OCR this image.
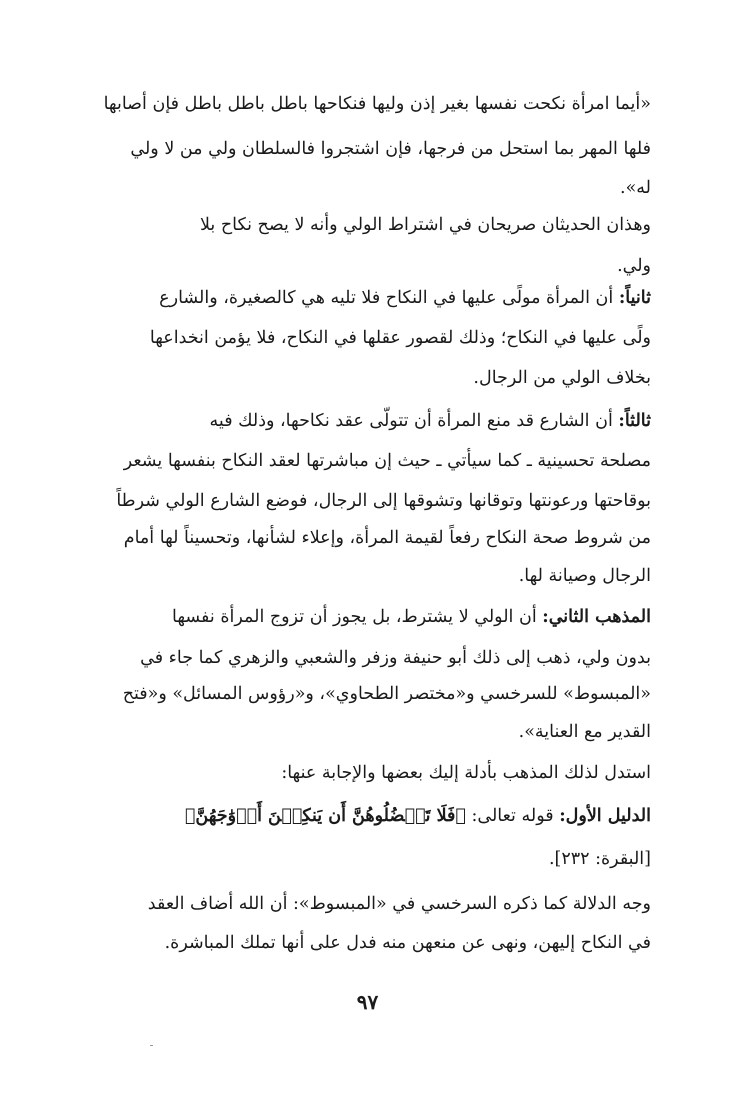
«أيما امرأة نكحت نفسها بغير إذن وليها فنكاحها باطل باطل باطل فإن أصابها
فلها المهر بما استحل من فرجها، فإن اشتجروا فالسلطان ولي من لا ولي
له».
وهذان الحديثان صريحان في اشتراط الولي وأنه لا يصح نكاح بلا
ولي.
ثانياً: أن المرأة مولًى عليها في النكاح فلا تليه هي كالصغيرة، والشارع
ولًى عليها في النكاح؛ وذلك لقصور عقلها في النكاح، فلا يؤمن انخداعها
بخلاف الولي من الرجال.
ثالثاً: أن الشارع قد منع المرأة أن تتولّى عقد نكاحها، وذلك فيه
مصلحة تحسينية ـ كما سيأتي ـ حيث إن مباشرتها لعقد النكاح بنفسها يشعر
بوقاحتها ورعونتها وتوقانها وتشوقها إلى الرجال، فوضع الشارع الولي شرطاً
من شروط صحة النكاح رفعاً لقيمة المرأة، وإعلاء لشأنها، وتحسيناً لها أمام
الرجال وصيانة لها.
المذهب الثاني: أن الولي لا يشترط، بل يجوز أن تزوج المرأة نفسها
بدون ولي، ذهب إلى ذلك أبو حنيفة وزفر والشعبي والزهري كما جاء في
«المبسوط» للسرخسي و«مختصر الطحاوي»، و«رؤوس المسائل» و«فتح
القدير مع العناية».
استدل لذلك المذهب بأدلة إليك بعضها والإجابة عنها:
الدليل الأول: قوله تعالى: ﴿فَلَا تَعۡضُلُوهُنَّ أَن يَنكِحۡنَ أَزۡوَٰجَهُنَّ﴾
[البقرة: ٢٣٢].
وجه الدلالة كما ذكره السرخسي في «المبسوط»: أن الله أضاف العقد
في النكاح إليهن، ونهى عن منعهن منه فدل على أنها تملك المباشرة.
٩٧
